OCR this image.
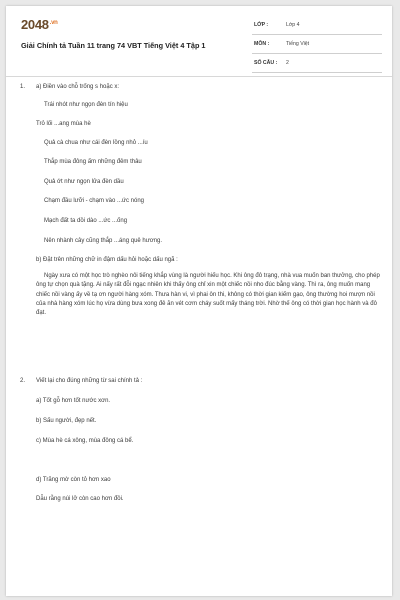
$2048^{.vn}$
Giải Chính tả Tuần 11 trang 74 VBT Tiếng Việt 4 Tập 1
LỚP :	Lớp 4
MÔN :	Tiếng Việt
SỐ CÂU : 2
1. a) Điền vào chỗ trống s hoặc x:
Trái nhót như ngọn đèn tín hiệu
Trỏ lối ...ang mùa hè
Quả cà chua như cái đèn lồng nhỏ ...íu
Thắp mùa đông ấm những đêm thâu
Quả ớt như ngọn lửa đèn dầu
Chạm đầu lưỡi - chạm vào ...ức nóng
Mạch đất ta dồi dào ...ức ...ống
Nên nhành cây cũng thắp ...áng quê hương.
b) Đặt trên những chữ in đậm dấu hỏi hoặc dấu ngã :
Ngày xưa có một học trò nghèo nôi tiếng khắp vùng là người hiếu học. Khi ông đô trạng, nhà vua muốn ban thưởng, cho phép ông tự chọn quà tặng. Ai nấy rất đỗi ngạc nhiên khi thấy ông chỉ xin một chiếc nồi nho đúc bằng vàng. Thì ra, ông muốn mang chiếc nồi vàng ấy về tạ ơn người hàng xóm. Thưa hàn vi, vì phai ôn thi, không có thời gian kiếm gạo, ông thường hoi mượn nồi của nhà hàng xóm lúc họ vừa dùng bưa xong đê ăn vét cơm cháy suốt mấy tháng trời. Nhờ thế ông có thời gian học hành và đô đạt.
2. Viết lại cho đúng những từ sai chính tả :
a) Tốt gỗ hơn tốt nước xơn.
b) Sấu người, đẹp nết.
c) Mùa hè cá xông, mùa đông cá bể.
d) Trăng mờ còn tỏ hơn xao
Dẫu rằng núi lở còn cao hơn đồi.
